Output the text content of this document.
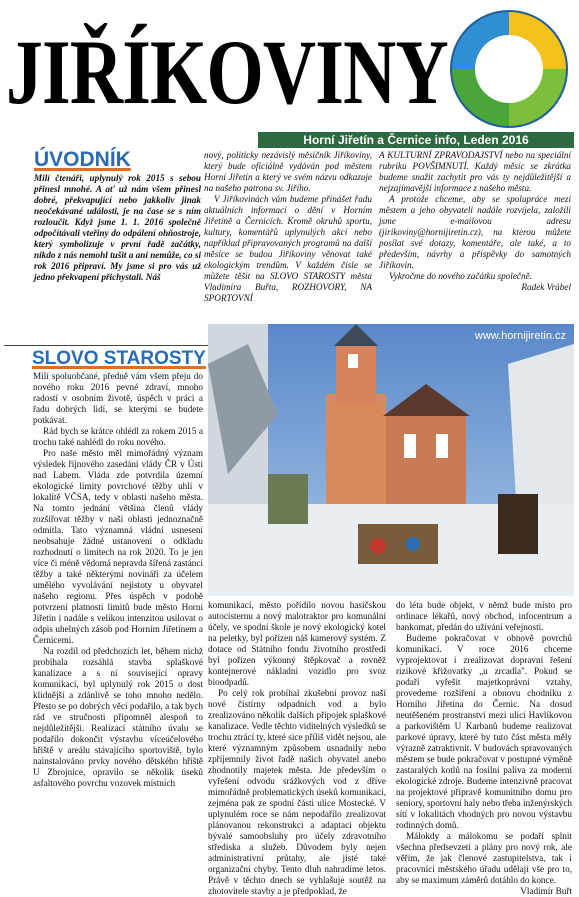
JIŘÍKOVINY
Horní Jiřetín a Černice info, Leden 2016
ÚVODNÍK

Milí čtenáři, uplynulý rok 2015 s sebou přinesl mnohé. A ať už nám všem přinesl dobré, překvapující nebo jakkoliv jinak neočekávané události, je na čase se s ním rozloučit. Když jsme 1. 1. 2016 společně odpočítávali vteřiny do odpálení ohňostroje, který symbolizuje v první řadě začátky, nikdo z nás nemohl tušit a ani nemůže, co si rok 2016 připraví. My jsme si pro vás už jedno překvapení přichystali. Náš

nový, politicky nezávislý měsíčník Jiříkoviny, který bude oficiálně vydáván pod městem Horní Jiřetín a který ve svém názvu odkazuje na našeho patrona sv. Jiřího.

V Jiříkovinách vám budeme přinášet řadu aktuálních informací o dění v Horním Jiřetíně a Černicích. Kromě okruhů sportu, kultury, komentářů uplynulých akcí nebo například připravovaných programů na další měsíce se budou Jiříkoviny věnovat také ekologickým trendům. V každém čísle se můžete těšit na SLOVO STAROSTY města Vladimíra Buřta, ROZHOVORY, NA SPORTOVNÍ

A KULTURNÍ ZPRAVODAJSTVÍ nebo na speciální rubriku POVŠIMNUTÍ. Každý měsíc se zkrátka budeme snažit zachytit pro vás ty nejdůležitější a nejzajímavější informace z našeho města.

A protože chceme, aby se spolupráce mezi městem a jeho obyvateli nadále rozvíjela, založili jsme e-mailovou adresu (jirikoviny@hornijiretin.cz), na kterou můžete posílat své dotazy, komentáře, ale také, a to především, návrhy a příspěvky do samotných Jiříkovin.

Vykročme do nového začátku společně.

Radek Vrábel

SLOVO STAROSTY
www.hornijiretin.cz

Milí spoluobčané, předně vám všem přeju do nového roku 2016 pevné zdraví, mnoho radostí v osobním životě, úspěch v práci a řadu dobrých lidí, se kterými se budete potkávat.

Rád bych se krátce ohlédl za rokem 2015 a trochu také nahlédl do roku nového.

Pro naše město měl mimořádný význam výsledek říjnového zasedání vlády ČR v Ústí nad Labem. Vláda zde potvrdila územní ekologické limity povrchové těžby uhlí v lokalitě VČSA, tedy v oblasti našeho města. Na tomto jednání většina členů vlády rozšiřovat těžby v naší oblasti jednoznačně odmítla. Tato významná vládní usnesení neobsahuje žádné ustanovení o odkladu rozhodnutí o limitech na rok 2020. To je jen více či méně vědomá nepravda šířená zastánci těžby a také některými novináři za účelem umělého vyvolávání nejistoty u obyvatel našeho regionu. Přes úspěch v podobě potvrzení platnosti limitů bude město Horní Jiřetín i nadále s velikou intenzitou usilovat o odpis uhelných zásob pod Horním Jiřetínem a Černicemi.

Na rozdíl od předchozích let, během nichž probíhala rozsáhlá stavba splaškové kanalizace a s ní související opravy komunikací, byl uplynulý rok 2015 o dost klidnější a zdánlivě se toho mnoho nedělo. Přesto se po dobrých věcí podařilo, a tak bych rád ve stručnosti připomněl alespoň to nejdůležitější. Realizací státního úvalu se podařilo dokončit výstavbu víceúčelového hřiště v areálu stávajícího sportoviště, bylo nainstalováno prvky nového dětského hřiště U Zbrojnice, opravilo se několik úseků asfaltového povrchu vozovek místních

komunikací, město pořídilo novou hasičskou autocisternu a nový malotraktor pro komunální účely, ve spodní škole je nový ekologický kotel na peletky, byl pořízen náš kamerový systém. Z dotace od Státního fondu životního prostředí byl pořízen výkonný štěpkovač a rovněž kontejnerové nákladní vozidlo pro svoz bioodpadů.

Po celý rok probíhal zkušební provoz naší nové čistírny odpadních vod a bylo zrealizováno několik dalších přípojek splaškové kanalizace. Vedle těchto viditelných výsledků se trochu ztrácí ty, které sice příliš vidět nejsou, ale které významným způsobem usnadnily nebo zpříjemnily život řadě našich obyvatel anebo zhodnotily majetek města. Jde především o vyřešení odvodu srážkových vod z dříve mimořádně problematických úseků komunikací, zejména pak ze spodní části ulice Mostecké. V uplynulém roce se nám nepodařilo zrealizovat plánovanou rekonstrukci a adaptaci objektu bývalé samoobsluhy pro účely zdravotního střediska a služeb. Důvodem byly nejen administrativní průtahy, ale jisté také organizační chyby. Tento dluh nahradíme letos. Právě v těchto dnech se vyhlašuje soutěž na zhotovitele stavby a je předpoklad, že

do léta bude objekt, v němž bude místo pro ordinace lékařů, nový obchod, infocentrum a bankomat, předán do užívání veřejnosti.

Budeme pokračovat v obnově povrchů komunikací. V roce 2016 chceme vyprojektovat i zrealizovat dopravní řešení rizikové křižovatky „u zrcadla". Pokud se podaří vyřešit majetkoprávní vztahy, provedeme rozšíření a obnovu chodníku z Horního Jiřetína do Černic. Na dosud neutěšeném prostranství mezi ulicí Havlíkovou a parkovištěm U Karbanů budeme realizovat parkové úpravy, které by tuto část města měly výrazně zatraktivnit. V budovách spravovaných městem se bude pokračovat v postupné výměně zastaralých kotlů na fosilní paliva za moderní ekologické zdroje. Budeme intenzivně pracovat na projektové přípravě komunitního domu pro seniory, sportovní haly nebo třeba inženýrských sítí v lokalitách vhodných pro novou výstavbu rodinných domů.

Málokdy a málokomu se podaří splnit všechna předsevzetí a plány pro nový rok, ale věřím, že jak členové zastupitelstva, tak i pracovníci městského úřadu udělají vše pro to, aby se maximum záměrů dotáhlo do konce.

Vladimír Buřt
